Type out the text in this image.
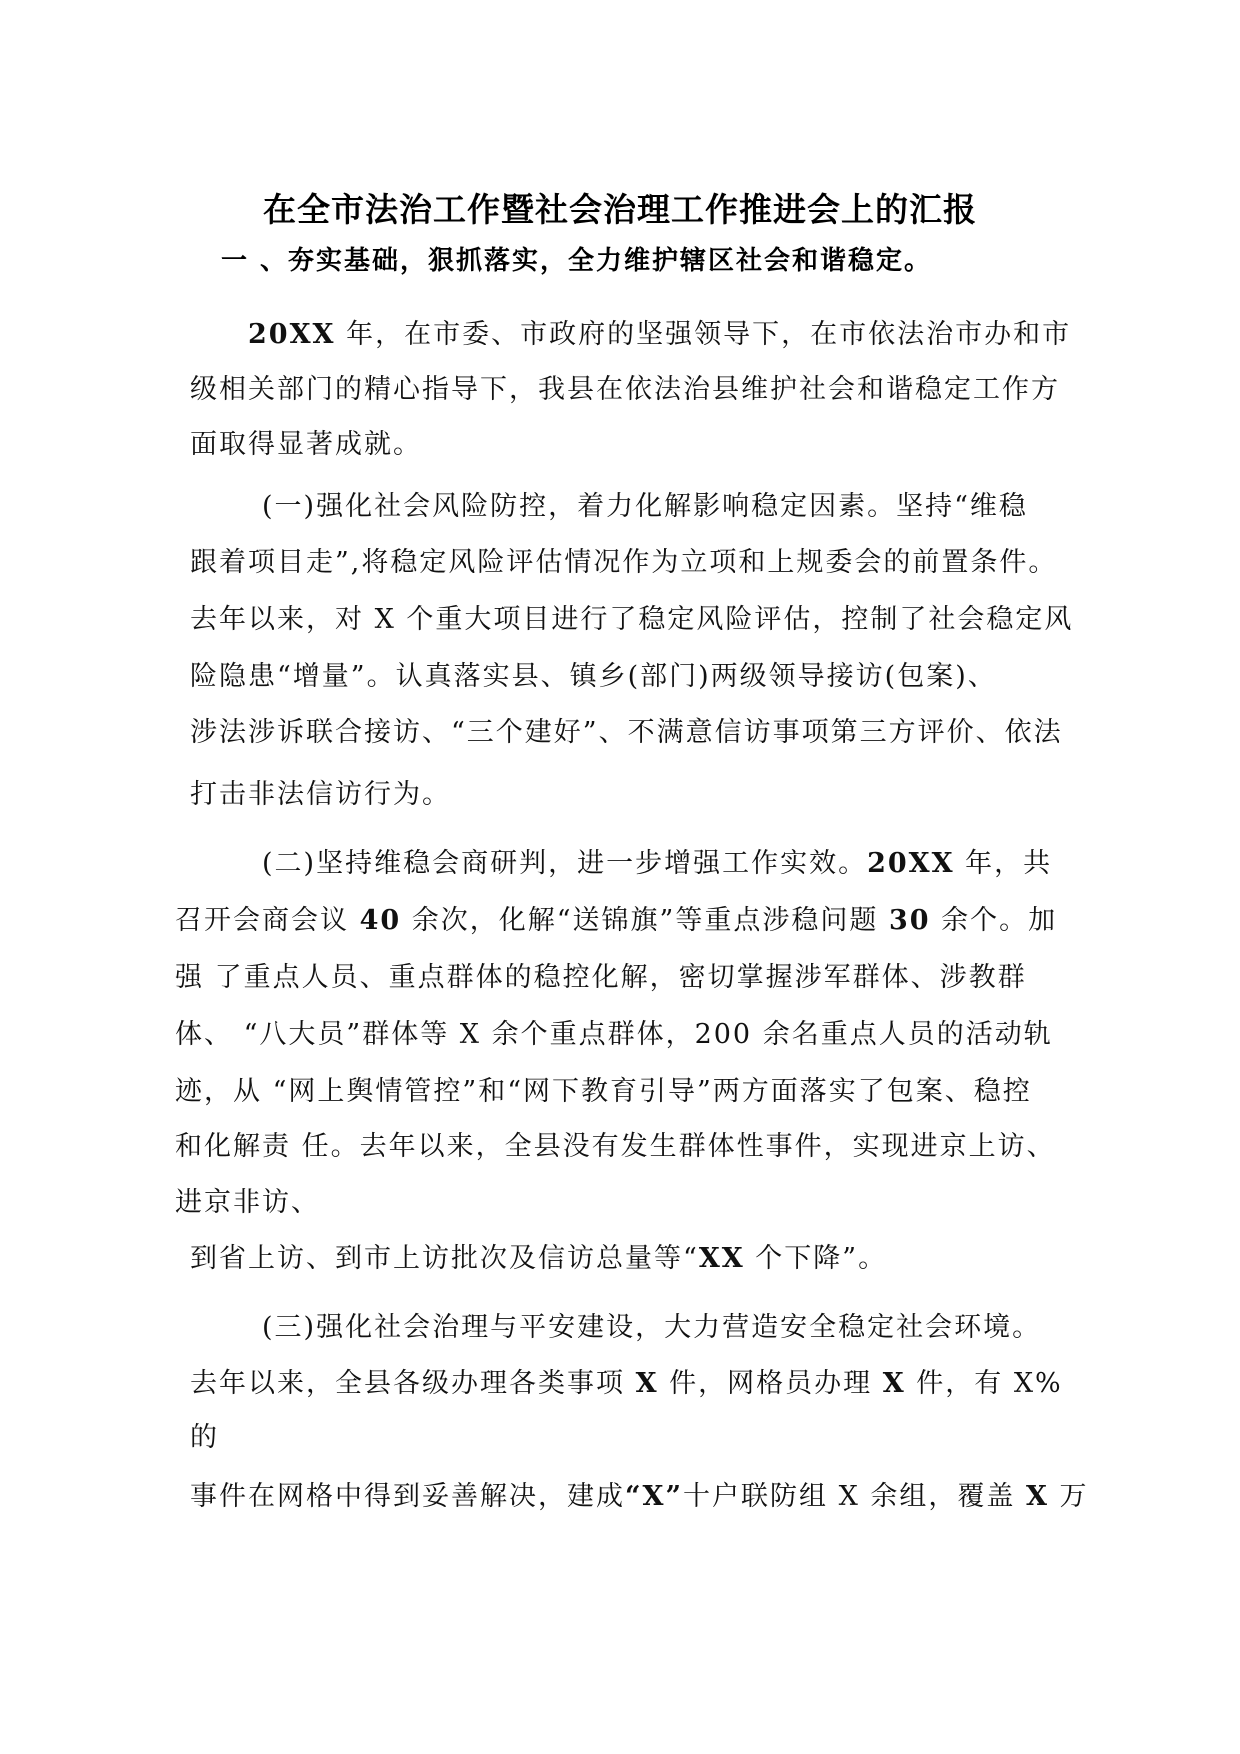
在全市法治工作暨社会治理工作推进会上的汇报
一 、夯实基础，狠抓落实，全力维护辖区社会和谐稳定。
20XX 年，在市委、市政府的坚强领导下，在市依法治市办和市
级相关部门的精心指导下，我县在依法治县维护社会和谐稳定工作方
面取得显著成就。
(一)强化社会风险防控，着力化解影响稳定因素。坚持“维稳
跟着项目走”,将稳定风险评估情况作为立项和上规委会的前置条件。
去年以来，对 X 个重大项目进行了稳定风险评估，控制了社会稳定风
险隐患“增量”。认真落实县、镇乡(部门)两级领导接访(包案)、
涉法涉诉联合接访、“三个建好”、不满意信访事项第三方评价、依法
打击非法信访行为。
(二)坚持维稳会商研判，进一步增强工作实效。20XX 年，共
召开会商会议 40 余次，化解“送锦旗”等重点涉稳问题 30 余个。加
强 了重点人员、重点群体的稳控化解，密切掌握涉军群体、涉教群
体、 “八大员”群体等 X 余个重点群体，200 余名重点人员的活动轨
迹，从 “网上舆情管控”和“网下教育引导”两方面落实了包案、稳控
和化解责 任。去年以来，全县没有发生群体性事件，实现进京上访、
进京非访、
到省上访、到市上访批次及信访总量等“XX 个下降”。
(三)强化社会治理与平安建设，大力营造安全稳定社会环境。
去年以来，全县各级办理各类事项 X 件，网格员办理 X 件，有 X%
的
事件在网格中得到妥善解决，建成“X”十户联防组 X 余组，覆盖 X 万
